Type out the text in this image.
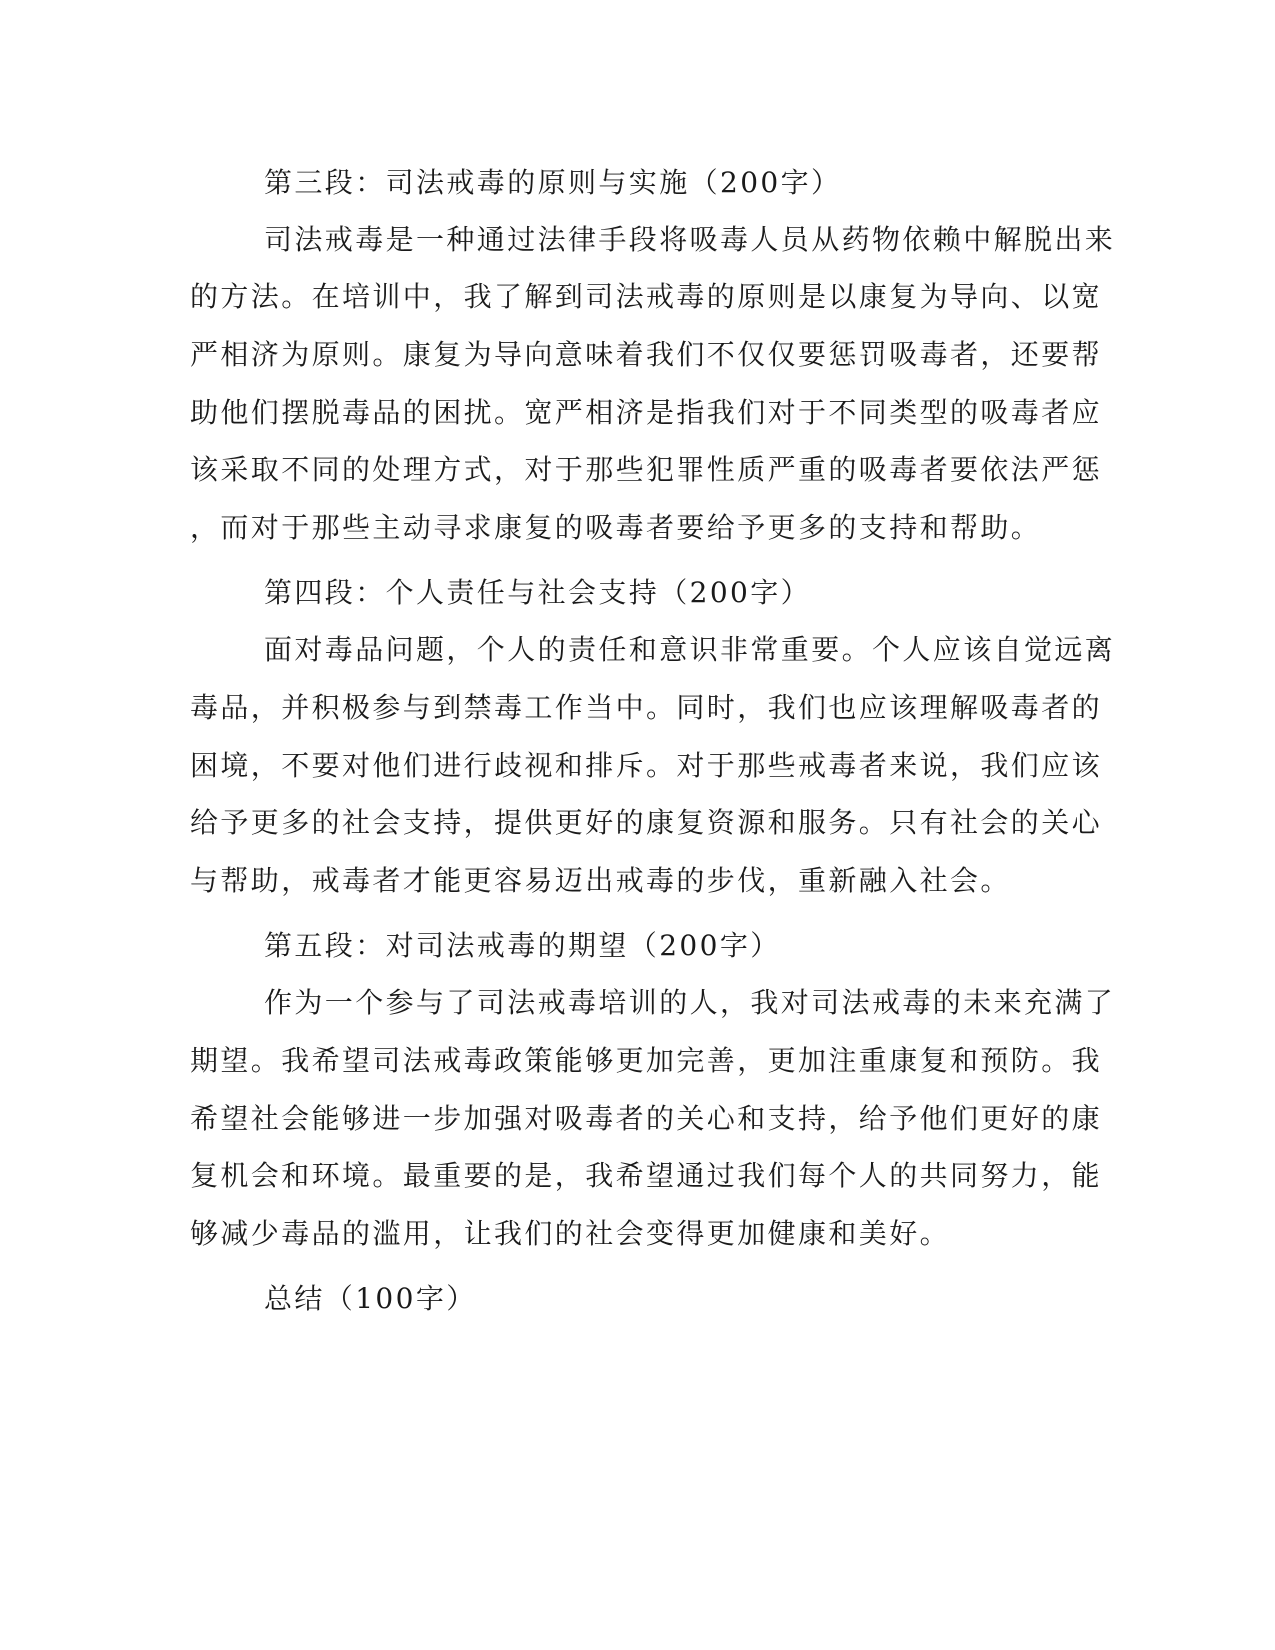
第三段：司法戒毒的原则与实施（200字）

司法戒毒是一种通过法律手段将吸毒人员从药物依赖中解脱出来

的方法。在培训中，我了解到司法戒毒的原则是以康复为导向、以宽

严相济为原则。康复为导向意味着我们不仅仅要惩罚吸毒者，还要帮

助他们摆脱毒品的困扰。宽严相济是指我们对于不同类型的吸毒者应

该采取不同的处理方式，对于那些犯罪性质严重的吸毒者要依法严惩

，而对于那些主动寻求康复的吸毒者要给予更多的支持和帮助。

第四段：个人责任与社会支持（200字）

面对毒品问题，个人的责任和意识非常重要。个人应该自觉远离

毒品，并积极参与到禁毒工作当中。同时，我们也应该理解吸毒者的

困境，不要对他们进行歧视和排斥。对于那些戒毒者来说，我们应该

给予更多的社会支持，提供更好的康复资源和服务。只有社会的关心

与帮助，戒毒者才能更容易迈出戒毒的步伐，重新融入社会。

第五段：对司法戒毒的期望（200字）

作为一个参与了司法戒毒培训的人，我对司法戒毒的未来充满了

期望。我希望司法戒毒政策能够更加完善，更加注重康复和预防。我

希望社会能够进一步加强对吸毒者的关心和支持，给予他们更好的康

复机会和环境。最重要的是，我希望通过我们每个人的共同努力，能

够减少毒品的滥用，让我们的社会变得更加健康和美好。

总结（100字）
